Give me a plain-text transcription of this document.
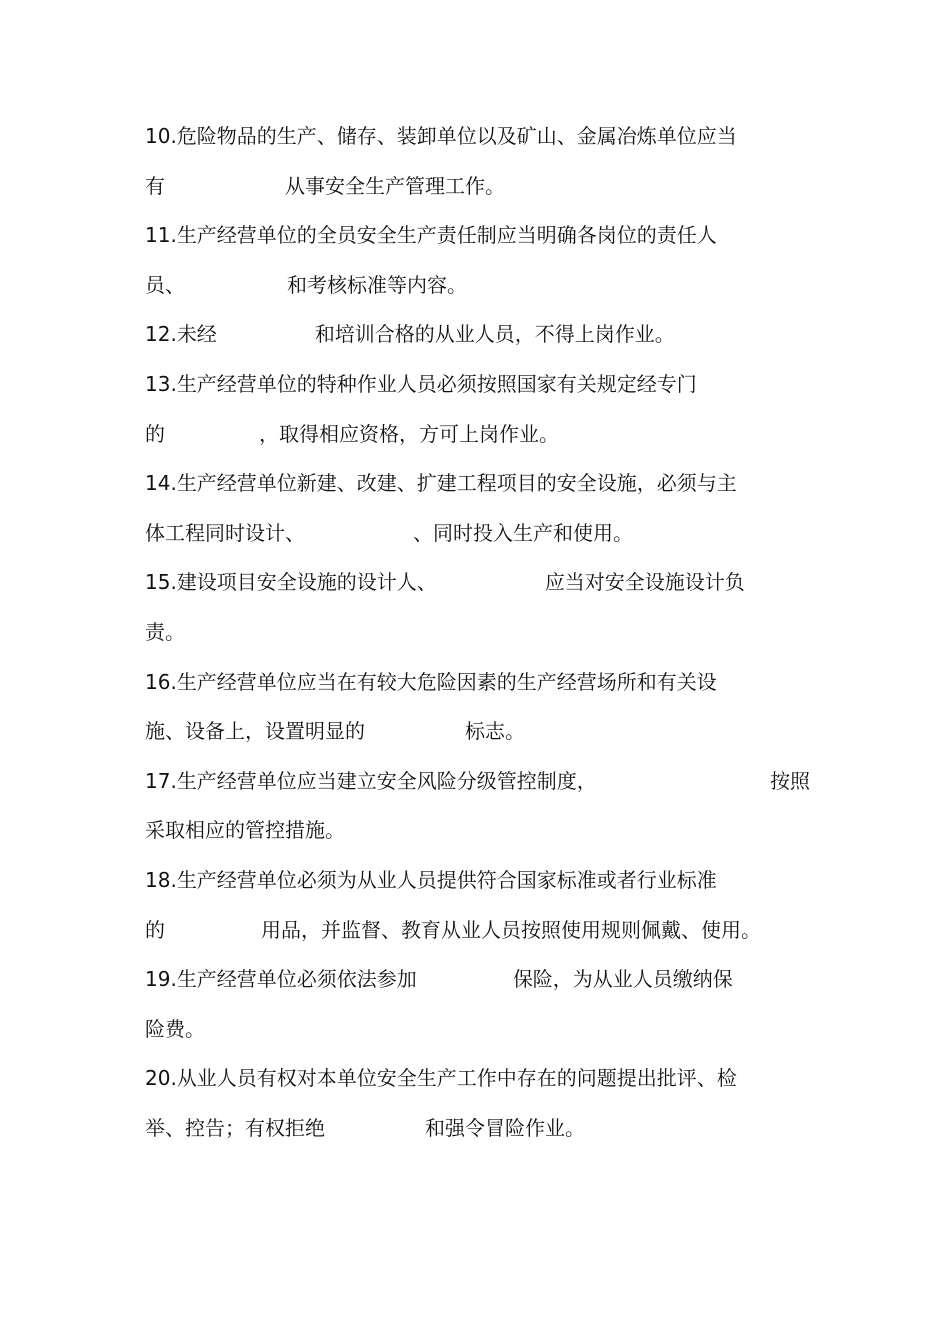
10.危险物品的生产、储存、装卸单位以及矿山、金属冶炼单位应当
有	从事安全生产管理工作。
11.生产经营单位的全员安全生产责任制应当明确各岗位的责任人
员、	和考核标准等内容。
12.未经	和培训合格的从业人员，不得上岗作业。
13.生产经营单位的特种作业人员必须按照国家有关规定经专门
的	，取得相应资格，方可上岗作业。
14.生产经营单位新建、改建、扩建工程项目的安全设施，必须与主
体工程同时设计、	、同时投入生产和使用。
15.建设项目安全设施的设计人、	应当对安全设施设计负
责。
16.生产经营单位应当在有较大危险因素的生产经营场所和有关设
施、设备上，设置明显的	标志。
17.生产经营单位应当建立安全风险分级管控制度，	按照
采取相应的管控措施。
18.生产经营单位必须为从业人员提供符合国家标准或者行业标准
的	用品，并监督、教育从业人员按照使用规则佩戴、使用。
19.生产经营单位必须依法参加	保险，为从业人员缴纳保
险费。
20.从业人员有权对本单位安全生产工作中存在的问题提出批评、检
举、控告；有权拒绝	和强令冒险作业。
